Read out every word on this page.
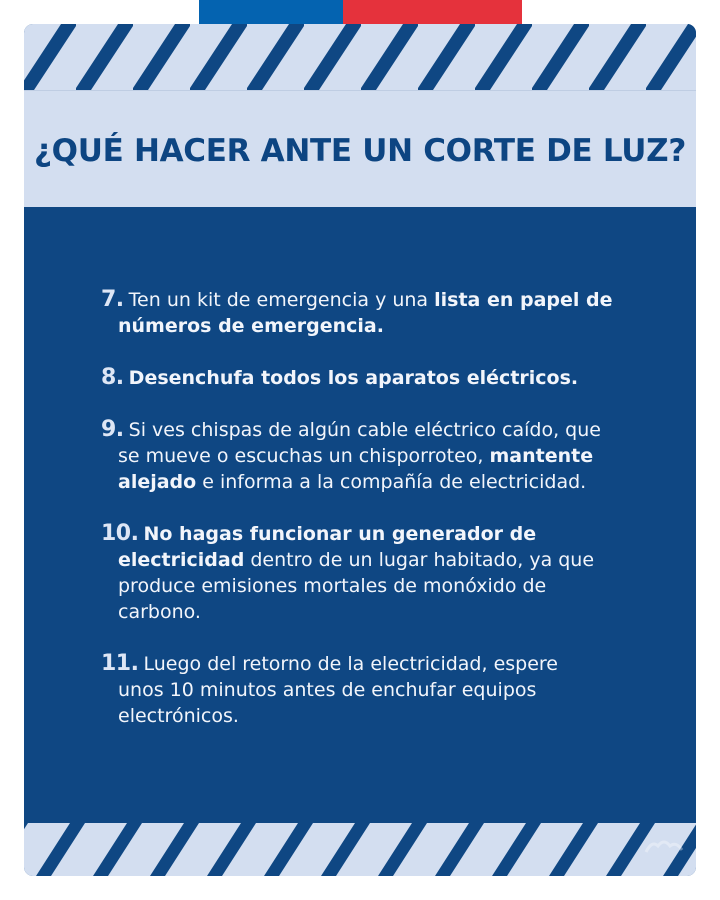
¿QUÉ HACER ANTE UN CORTE DE LUZ?
7. Ten un kit de emergencia y una lista en papel de
números de emergencia.
8. Desenchufa todos los aparatos eléctricos.
9. Si ves chispas de algún cable eléctrico caído, que
se mueve o escuchas un chisporroteo, mantente
alejado e informa a la compañía de electricidad.
10. No hagas funcionar un generador de
electricidad dentro de un lugar habitado, ya que
produce emisiones mortales de monóxido de
carbono.
11. Luego del retorno de la electricidad, espere
unos 10 minutos antes de enchufar equipos
electrónicos.
